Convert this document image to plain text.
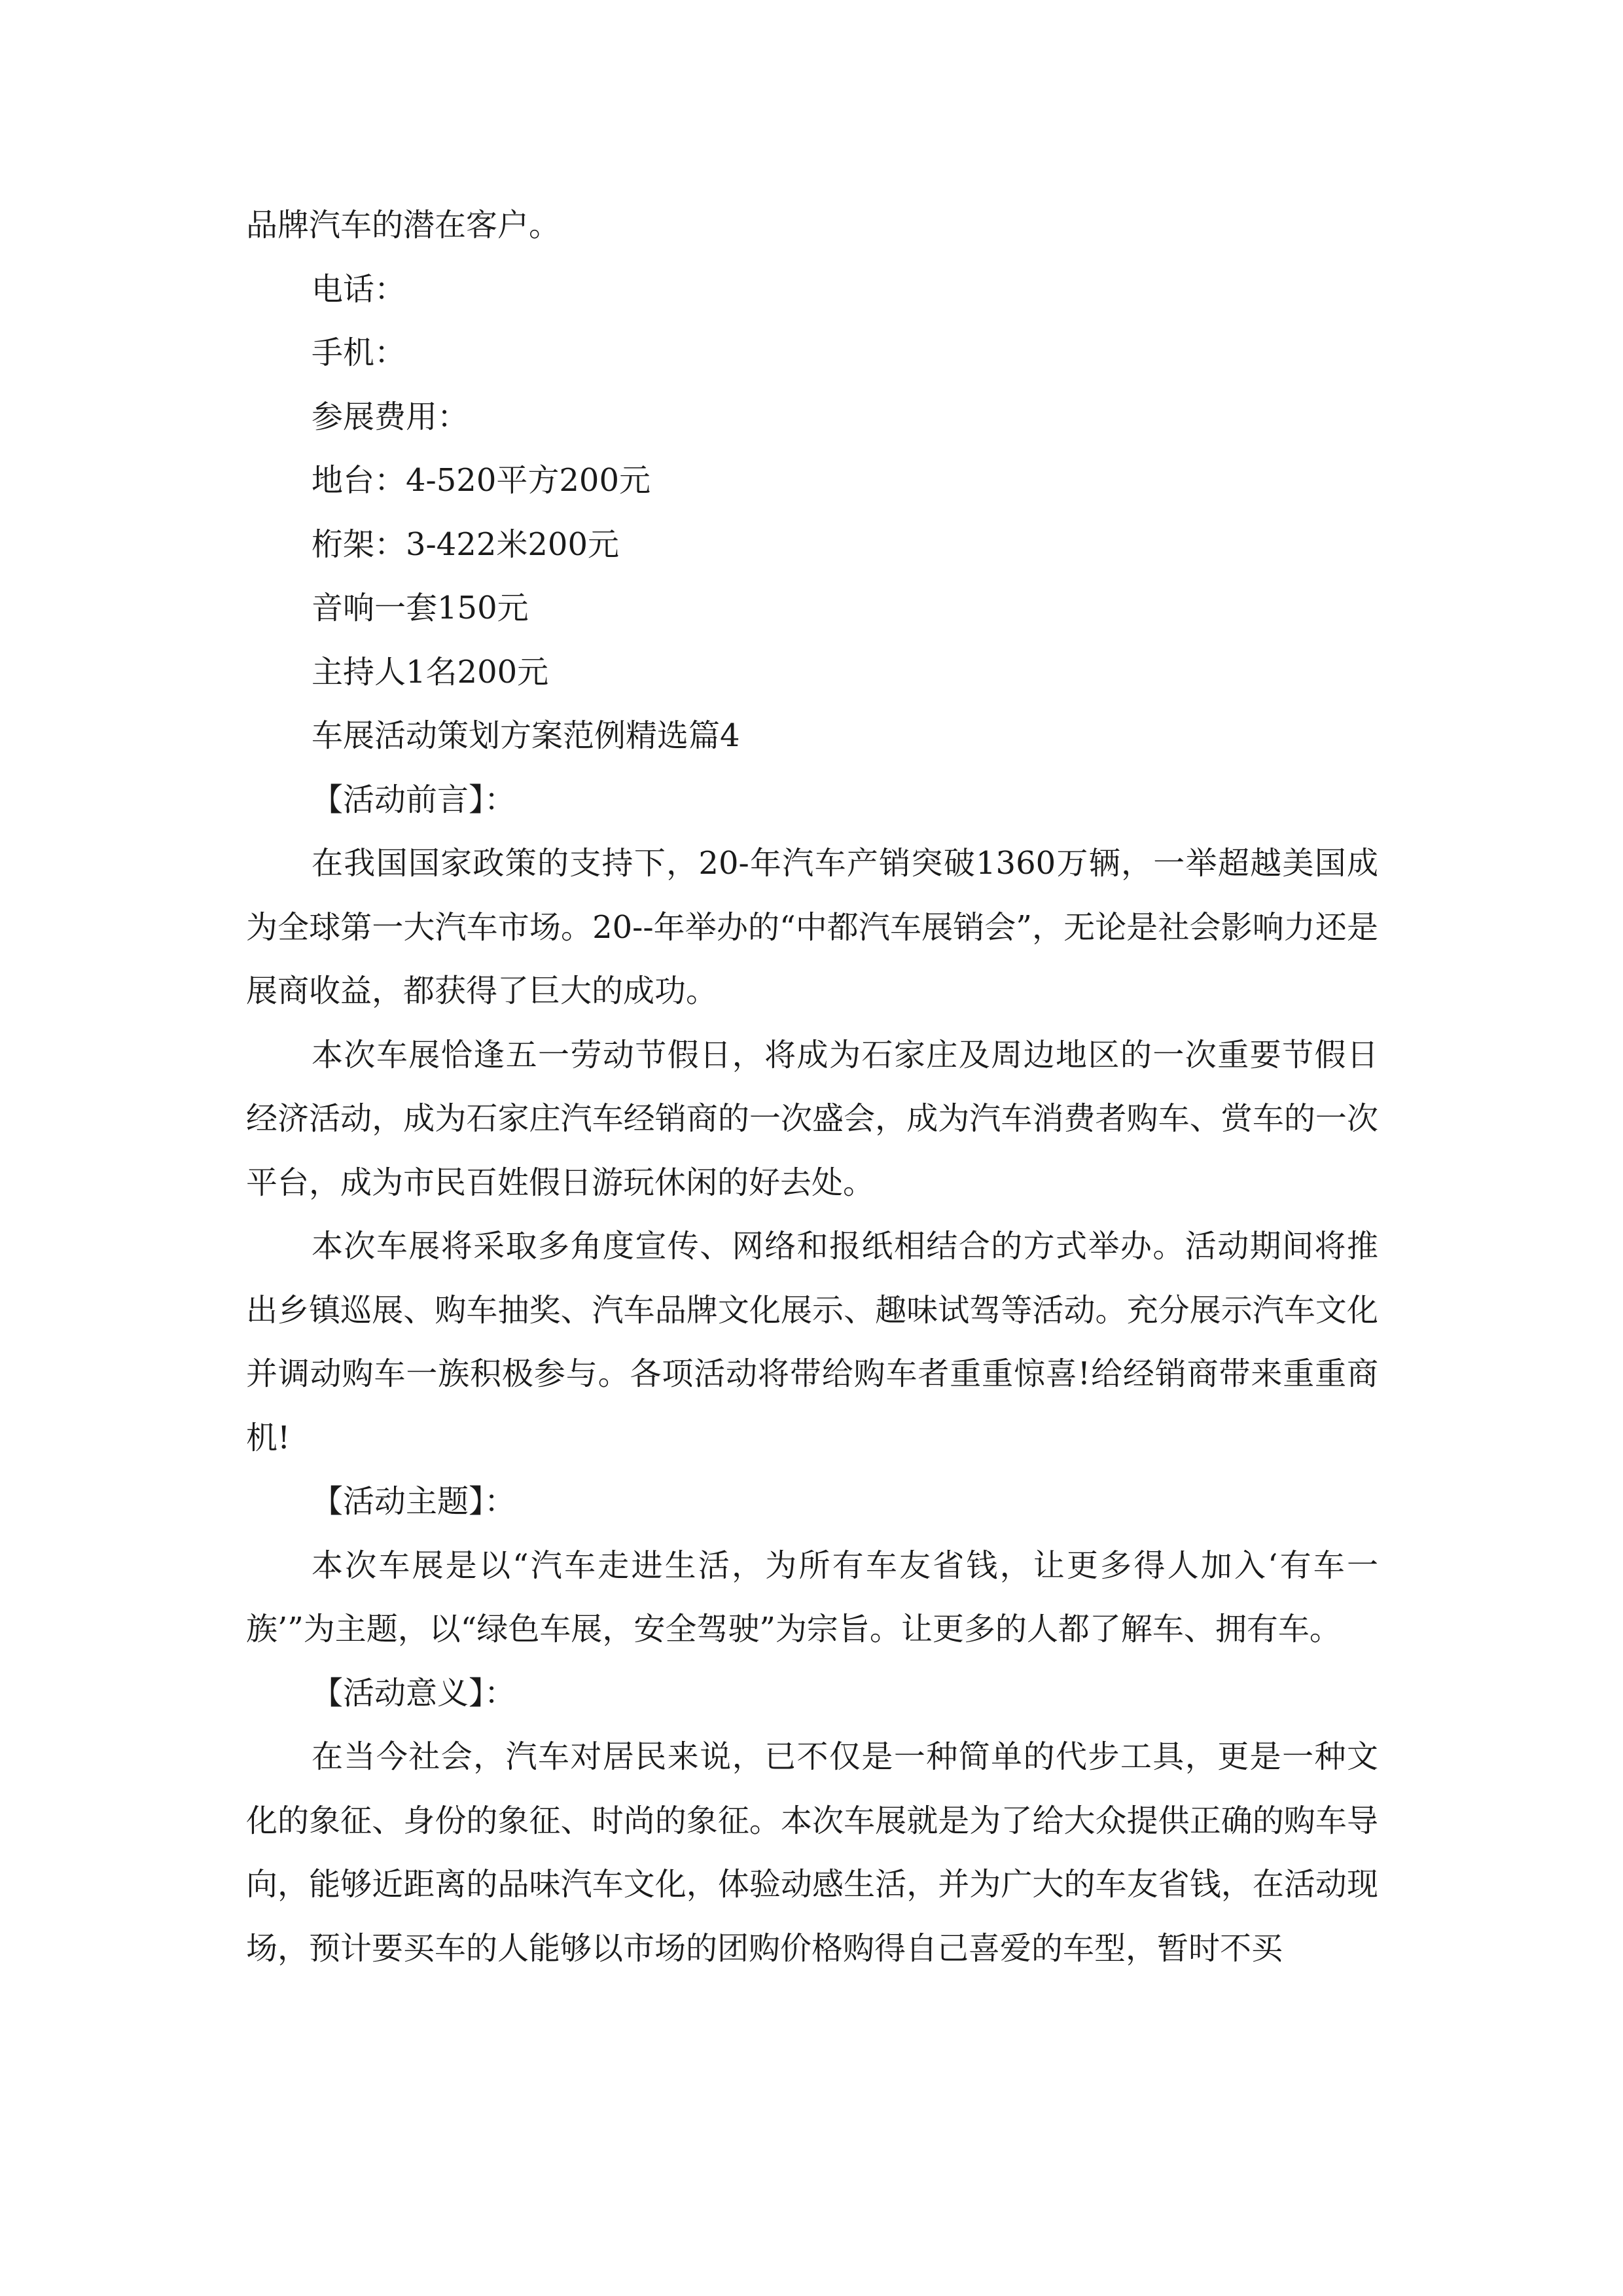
品牌汽车的潜在客户。

电话：

手机：

参展费用：

地台：4-520平方200元

桁架：3-422米200元

音响一套150元

主持人1名200元

车展活动策划方案范例精选篇4

【活动前言】：

在我国国家政策的支持下，20-年汽车产销突破1360万辆，一举超越美国成为全球第一大汽车市场。20--年举办的“中都汽车展销会”，无论是社会影响力还是展商收益，都获得了巨大的成功。

本次车展恰逢五一劳动节假日，将成为石家庄及周边地区的一次重要节假日经济活动，成为石家庄汽车经销商的一次盛会，成为汽车消费者购车、赏车的一次平台，成为市民百姓假日游玩休闲的好去处。

本次车展将采取多角度宣传、网络和报纸相结合的方式举办。活动期间将推出乡镇巡展、购车抽奖、汽车品牌文化展示、趣味试驾等活动。充分展示汽车文化并调动购车一族积极参与。各项活动将带给购车者重重惊喜!给经销商带来重重商机!

【活动主题】：

本次车展是以“汽车走进生活，为所有车友省钱，让更多得人加入‘有车一族’”为主题，以“绿色车展，安全驾驶”为宗旨。让更多的人都了解车、拥有车。

【活动意义】：

在当今社会，汽车对居民来说，已不仅是一种简单的代步工具，更是一种文化的象征、身份的象征、时尚的象征。本次车展就是为了给大众提供正确的购车导向，能够近距离的品味汽车文化，体验动感生活，并为广大的车友省钱，在活动现场，预计要买车的人能够以市场的团购价格购得自己喜爱的车型，暂时不买
